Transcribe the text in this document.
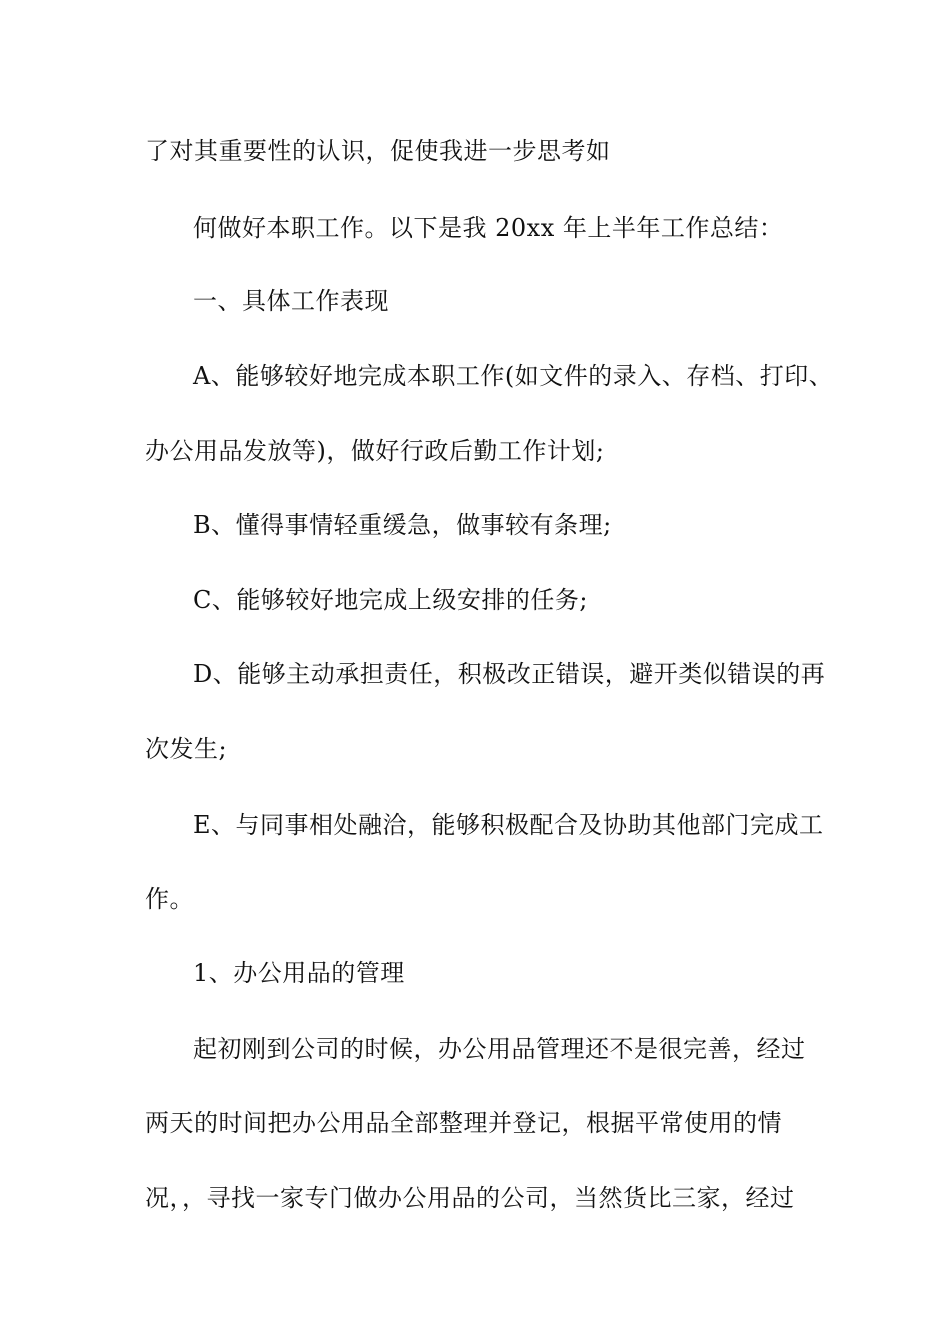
了对其重要性的认识，促使我进一步思考如
何做好本职工作。以下是我 20xx 年上半年工作总结：
一、具体工作表现
A、能够较好地完成本职工作(如文件的录入、存档、打印、
办公用品发放等)，做好行政后勤工作计划;
B、懂得事情轻重缓急，做事较有条理;
C、能够较好地完成上级安排的任务;
D、能够主动承担责任，积极改正错误，避开类似错误的再
次发生;
E、与同事相处融洽，能够积极配合及协助其他部门完成工
作。
1、办公用品的管理
起初刚到公司的时候，办公用品管理还不是很完善，经过
两天的时间把办公用品全部整理并登记，根据平常使用的情
况，，寻找一家专门做办公用品的公司，当然货比三家，经过
